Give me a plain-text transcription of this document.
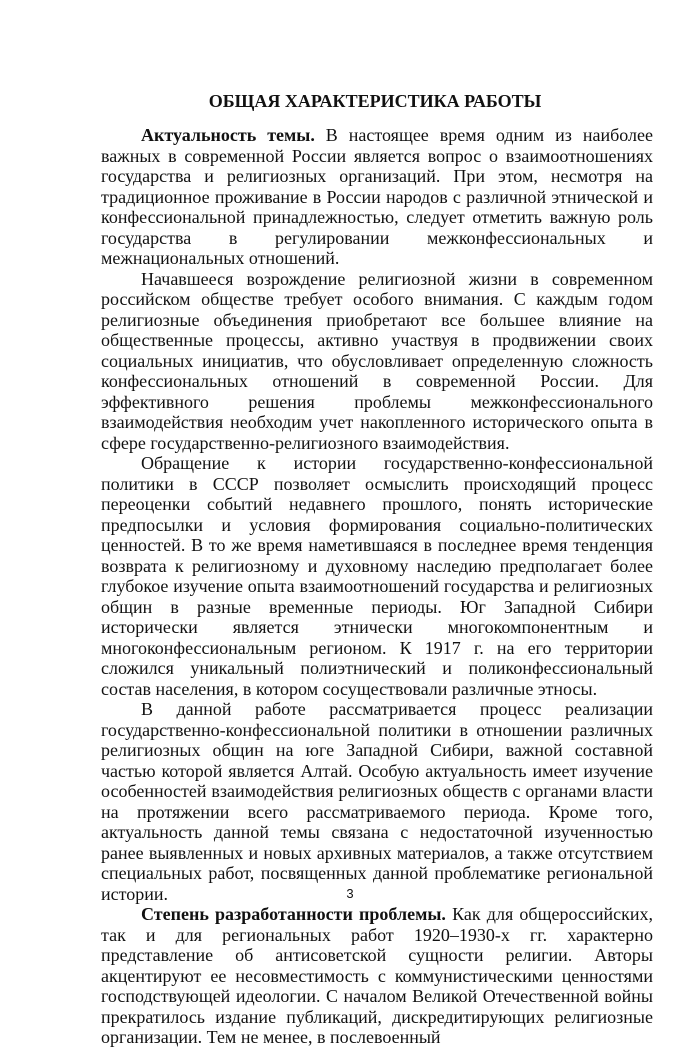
ОБЩАЯ ХАРАКТЕРИСТИКА РАБОТЫ

Актуальность темы. В настоящее время одним из наиболее важных в современной России является вопрос о взаимоотношениях государства и религиозных организаций. При этом, несмотря на традиционное проживание в России народов с различной этнической и конфессиональной принадлежностью, следует отметить важную роль государства в регулировании межконфессиональных и межнациональных отношений.

Начавшееся возрождение религиозной жизни в современном российском обществе требует особого внимания. С каждым годом религиозные объединения приобретают все большее влияние на общественные процессы, активно участвуя в продвижении своих социальных инициатив, что обусловливает определенную сложность конфессиональных отношений в современной России. Для эффективного решения проблемы межконфессионального взаимодействия необходим учет накопленного исторического опыта в сфере государственно-религиозного взаимодействия.

Обращение к истории государственно-конфессиональной политики в СССР позволяет осмыслить происходящий процесс переоценки событий недавнего прошлого, понять исторические предпосылки и условия формирования социально-политических ценностей. В то же время наметившаяся в последнее время тенденция возврата к религиозному и духовному наследию предполагает более глубокое изучение опыта взаимоотношений государства и религиозных общин в разные временные периоды. Юг Западной Сибири исторически является этнически многокомпонентным и многоконфессиональным регионом. К 1917 г. на его территории сложился уникальный полиэтнический и поликонфессиональный состав населения, в котором сосуществовали различные этносы.

В данной работе рассматривается процесс реализации государственно-конфессиональной политики в отношении различных религиозных общин на юге Западной Сибири, важной составной частью которой является Алтай. Особую актуальность имеет изучение особенностей взаимодействия религиозных обществ с органами власти на протяжении всего рассматриваемого периода. Кроме того, актуальность данной темы связана с недостаточной изученностью ранее выявленных и новых архивных материалов, а также отсутствием специальных работ, посвященных данной проблематике региональной истории.

Степень разработанности проблемы. Как для общероссийских, так и для региональных работ 1920–1930-х гг. характерно представление об антисоветской сущности религии. Авторы акцентируют ее несовместимость с коммунистическими ценностями господствующей идеологии. С началом Великой Отечественной войны прекратилось издание публикаций, дискредитирующих религиозные организации. Тем не менее, в послевоенный

3
